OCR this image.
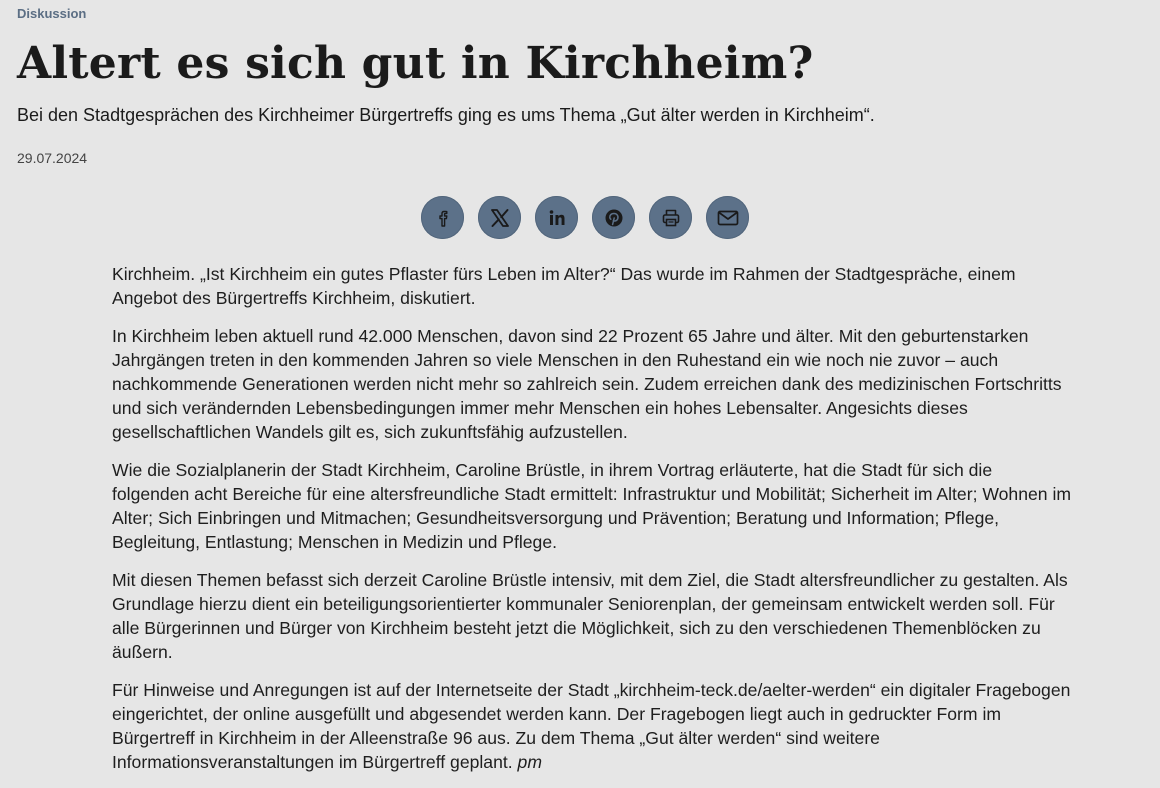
Diskussion
Altert es sich gut in Kirchheim?
Bei den Stadtgesprächen des Kirchheimer Bürgertreffs ging es ums Thema „Gut älter werden in Kirchheim“.
29.07.2024

Kirchheim. „Ist Kirchheim ein gutes Pflaster fürs Leben im Alter?“ Das wurde im Rahmen der Stadtgespräche, einem Angebot des Bürgertreffs Kirchheim, diskutiert.

In Kirchheim leben aktuell rund 42.000 Menschen, davon sind 22 Prozent 65 Jahre und älter. Mit den geburtenstarken Jahrgängen treten in den kommenden Jahren so viele Menschen in den Ruhestand ein wie noch nie zuvor – auch nachkommende Generationen werden nicht mehr so zahlreich sein. Zudem erreichen dank des medizinischen Fortschritts und sich verändernden Lebensbedingungen immer mehr Menschen ein hohes Lebensalter. Angesichts dieses gesellschaftlichen Wandels gilt es, sich zukunftsfähig aufzustellen.

Wie die Sozialplanerin der Stadt Kirchheim, Caroline Brüstle, in ihrem Vortrag erläuterte, hat die Stadt für sich die folgenden acht Bereiche für eine altersfreundliche Stadt ermittelt: Infrastruktur und Mobilität; Sicherheit im Alter; Wohnen im Alter; Sich Einbringen und Mitmachen; Gesundheitsversorgung und Prävention; Beratung und Information; Pflege, Begleitung, Entlastung; Menschen in Medizin und Pflege.

Mit diesen Themen befasst sich derzeit Caroline Brüstle intensiv, mit dem Ziel, die Stadt altersfreundlicher zu gestalten. Als Grundlage hierzu dient ein beteiligungsorientierter kommunaler Seniorenplan, der gemeinsam entwickelt werden soll. Für alle Bürgerinnen und Bürger von Kirchheim besteht jetzt die Möglichkeit, sich zu den verschiedenen Themenblöcken zu äußern.

Für Hinweise und Anregungen ist auf der Internetseite der Stadt „kirchheim-teck.de/aelter-werden“ ein digitaler Fragebogen eingerichtet, der online ausgefüllt und abgesendet werden kann. Der Fragebogen liegt auch in gedruckter Form im Bürgertreff in Kirchheim in der Alleenstraße 96 aus. Zu dem Thema „Gut älter werden“ sind weitere Informationsveranstaltungen im Bürgertreff geplant. pm
